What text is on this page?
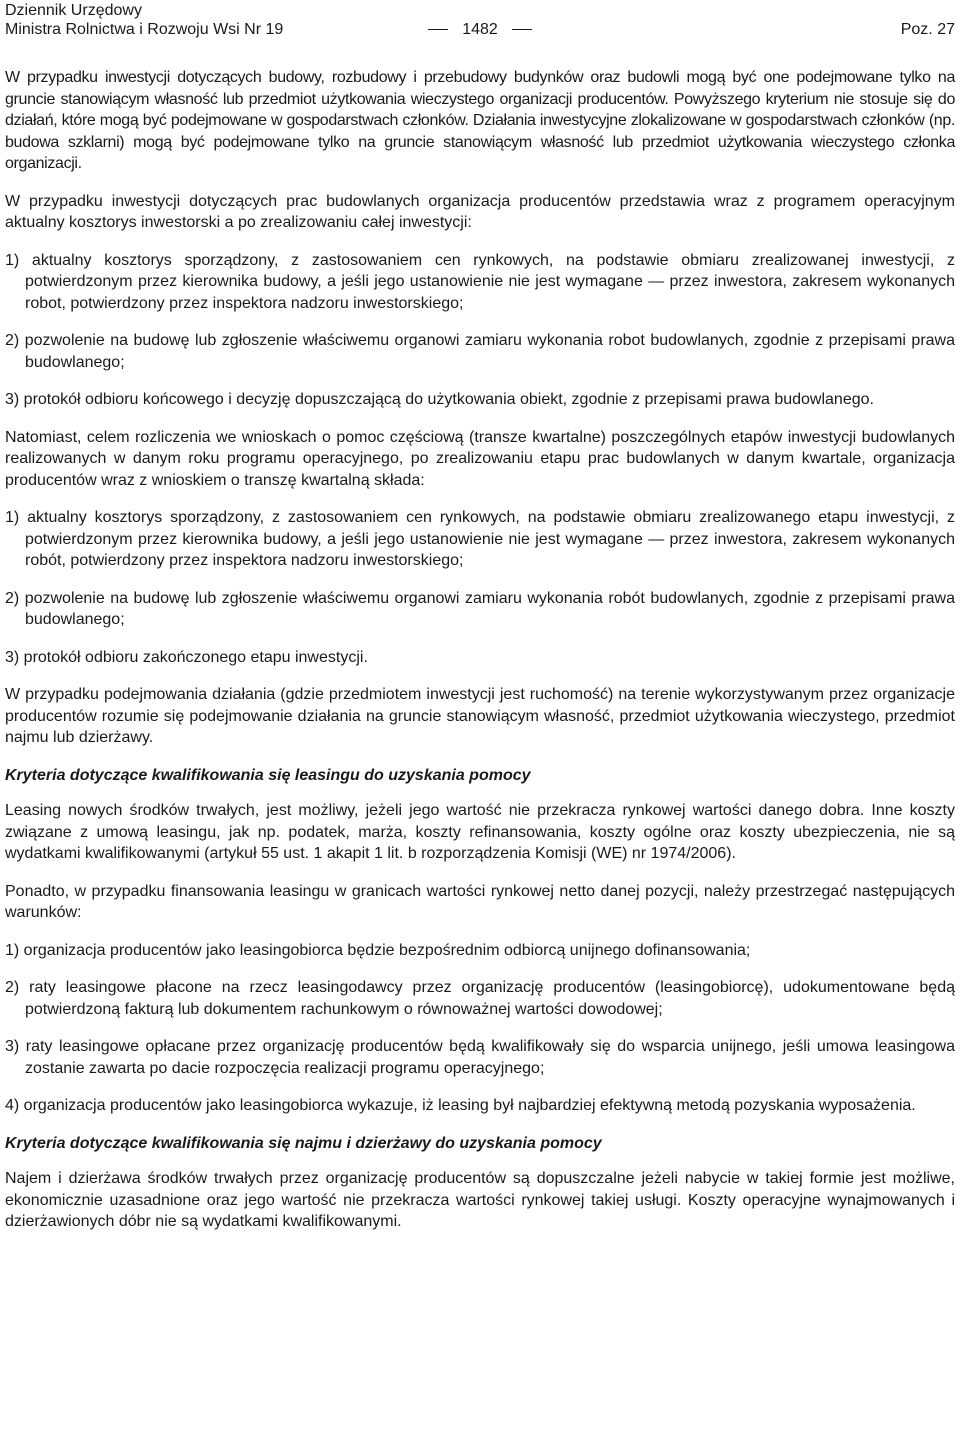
Dziennik Urzędowy
Ministra Rolnictwa i Rozwoju Wsi Nr 19	1482	Poz. 27

W przypadku inwestycji dotyczących budowy, rozbudowy i przebudowy budynków oraz budowli mogą być one podejmowane tylko na gruncie stanowiącym własność lub przedmiot użytkowania wieczystego organizacji producentów. Powyższego kryterium nie stosuje się do działań, które mogą być podejmowane w gospodarstwach członków. Działania inwestycyjne zlokalizowane w gospodarstwach członków (np. budowa szklarni) mogą być podejmowane tylko na gruncie stanowiącym własność lub przedmiot użytkowania wieczystego członka organizacji.

W przypadku inwestycji dotyczących prac budowlanych organizacja producentów przedstawia wraz z programem operacyjnym aktualny kosztorys inwestorski a po zrealizowaniu całej inwestycji:

1) aktualny kosztorys sporządzony, z zastosowaniem cen rynkowych, na podstawie obmiaru zrealizowanej inwestycji, z potwierdzonym przez kierownika budowy, a jeśli jego ustanowienie nie jest wymagane — przez inwestora, zakresem wykonanych robot, potwierdzony przez inspektora nadzoru inwestorskiego;

2) pozwolenie na budowę lub zgłoszenie właściwemu organowi zamiaru wykonania robot budowlanych, zgodnie z przepisami prawa budowlanego;

3) protokół odbioru końcowego i decyzję dopuszczającą do użytkowania obiekt, zgodnie z przepisami prawa budowlanego.

Natomiast, celem rozliczenia we wnioskach o pomoc częściową (transze kwartalne) poszczególnych etapów inwestycji budowlanych realizowanych w danym roku programu operacyjnego, po zrealizowaniu etapu prac budowlanych w danym kwartale, organizacja producentów wraz z wnioskiem o transzę kwartalną składa:

1) aktualny kosztorys sporządzony, z zastosowaniem cen rynkowych, na podstawie obmiaru zrealizowanego etapu inwestycji, z potwierdzonym przez kierownika budowy, a jeśli jego ustanowienie nie jest wymagane — przez inwestora, zakresem wykonanych robót, potwierdzony przez inspektora nadzoru inwestorskiego;

2) pozwolenie na budowę lub zgłoszenie właściwemu organowi zamiaru wykonania robót budowlanych, zgodnie z przepisami prawa budowlanego;

3) protokół odbioru zakończonego etapu inwestycji.

W przypadku podejmowania działania (gdzie przedmiotem inwestycji jest ruchomość) na terenie wykorzystywanym przez organizacje producentów rozumie się podejmowanie działania na gruncie stanowiącym własność, przedmiot użytkowania wieczystego, przedmiot najmu lub dzierżawy.

Kryteria dotyczące kwalifikowania się leasingu do uzyskania pomocy

Leasing nowych środków trwałych, jest możliwy, jeżeli jego wartość nie przekracza rynkowej wartości danego dobra. Inne koszty związane z umową leasingu, jak np. podatek, marża, koszty refinansowania, koszty ogólne oraz koszty ubezpieczenia, nie są wydatkami kwalifikowanymi (artykuł 55 ust. 1 akapit 1 lit. b rozporządzenia Komisji (WE) nr 1974/2006).

Ponadto, w przypadku finansowania leasingu w granicach wartości rynkowej netto danej pozycji, należy przestrzegać następujących warunków:

1) organizacja producentów jako leasingobiorca będzie bezpośrednim odbiorcą unijnego dofinansowania;

2) raty leasingowe płacone na rzecz leasingodawcy przez organizację producentów (leasingobiorcę), udokumentowane będą potwierdzoną fakturą lub dokumentem rachunkowym o równoważnej wartości dowodowej;

3) raty leasingowe opłacane przez organizację producentów będą kwalifikowały się do wsparcia unijnego, jeśli umowa leasingowa zostanie zawarta po dacie rozpoczęcia realizacji programu operacyjnego;

4) organizacja producentów jako leasingobiorca wykazuje, iż leasing był najbardziej efektywną metodą pozyskania wyposażenia.

Kryteria dotyczące kwalifikowania się najmu i dzierżawy do uzyskania pomocy

Najem i dzierżawa środków trwałych przez organizację producentów są dopuszczalne jeżeli nabycie w takiej formie jest możliwe, ekonomicznie uzasadnione oraz jego wartość nie przekracza wartości rynkowej takiej usługi. Koszty operacyjne wynajmowanych i dzierżawionych dóbr nie są wydatkami kwalifikowanymi.
